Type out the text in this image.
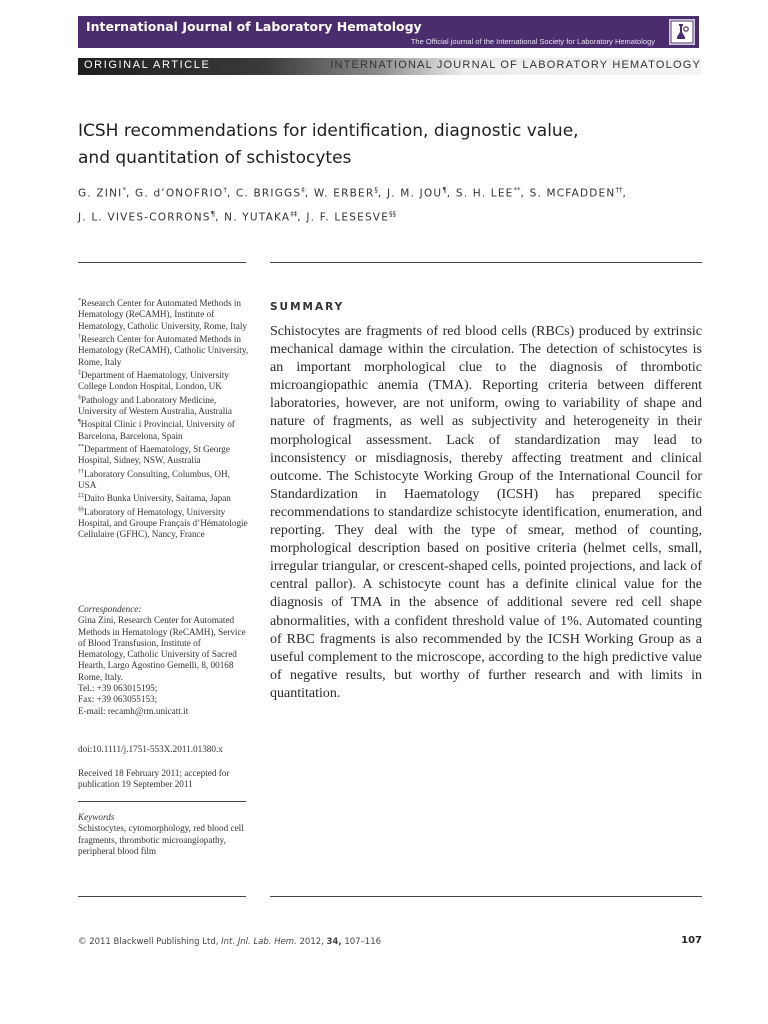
International Journal of Laboratory Hematology
The Official journal of the International Society for Laboratory Hematology
ORIGINAL ARTICLE	INTERNATIONAL JOURNAL OF LABORATORY HEMATOLOGY
ICSH recommendations for identification, diagnostic value,
and quantitation of schistocytes
G. ZINI*, G. d’ONOFRIO†, C. BRIGGS‡, W. ERBER§, J. M. JOU¶, S. H. LEE**, S. MCFADDEN††,
J. L. VIVES-CORRONS¶, N. YUTAKA‡‡, J. F. LESESVE§§
SUMMARY
Schistocytes are fragments of red blood cells (RBCs) produced by extrinsic mechanical damage within the circulation. The detection of schistocytes is an important morphological clue to the diagnosis of thrombotic microangiopathic anemia (TMA). Reporting criteria between different laboratories, however, are not uniform, owing to variability of shape and nature of fragments, as well as subjectivity and heterogeneity in their morphological assessment. Lack of standardization may lead to inconsistency or misdiagnosis, thereby affecting treatment and clinical outcome. The Schistocyte Working Group of the International Council for Standardization in Haematology (ICSH) has prepared specific recommendations to standardize schistocyte identification, enumeration, and reporting. They deal with the type of smear, method of counting, morphological description based on positive criteria (helmet cells, small, irregular triangular, or crescent-shaped cells, pointed projections, and lack of central pallor). A schistocyte count has a definite clinical value for the diagnosis of TMA in the absence of additional severe red cell shape abnormalities, with a confident threshold value of 1%. Automated counting of RBC fragments is also recommended by the ICSH Working Group as a useful complement to the microscope, according to the high predictive value of negative results, but worthy of further research and with limits in quantitation.

*Research Center for Automated Methods in Hematology (ReCAMH), Institute of Hematology, Catholic University, Rome, Italy

†Research Center for Automated Methods in Hematology (ReCAMH), Catholic University, Rome, Italy

‡Department of Haematology, University College London Hospital, London, UK

§Pathology and Laboratory Medicine, University of Western Australia, Australia

¶Hospital Clinic i Provincial, University of Barcelona, Barcelona, Spain

**Department of Haematology, St George Hospital, Sidney, NSW, Australia

††Laboratory Consulting, Columbus, OH, USA

‡‡Daito Bunka University, Saitama, Japan

§§Laboratory of Hematology, University Hospital, and Groupe Français d’Hématologie Cellulaire (GFHC), Nancy, France

Correspondence:
Gina Zini, Research Center for Automated Methods in Hematology (ReCAMH), Service of Blood Transfusion, Institute of Hematology, Catholic University of Sacred Hearth, Largo Agostino Gemelli, 8, 00168 Rome, Italy.
Tel.: +39 063015195;
Fax: +39 063055153;
E-mail: recamh@rm.unicatt.it
doi:10.1111/j.1751-553X.2011.01380.x
Received 18 February 2011; accepted for publication 19 September 2011
Keywords
Schistocytes, cytomorphology, red blood cell fragments, thrombotic microangiopathy, peripheral blood film
© 2011 Blackwell Publishing Ltd, Int. Jnl. Lab. Hem. 2012, 34, 107–116	107
